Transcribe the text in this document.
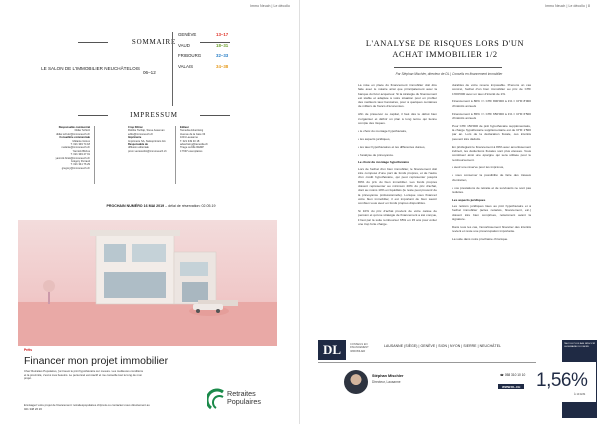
Immo Neuch | Le décollo
SOMMAIRE
LE SALON DE L'IMMOBILIER NEUCHÂTELOIS
06–12
GENÈVE	13–17
VAUD	18–31
FRIBOURG	32–33
VALAIS	34–38
IMPRESSUM
Responsable commercial
Didier Schütz
didier.schutz@immoneuch.ch
Conseillère commerciale
Mélanie Giroux
T. 021 349 74 18
melanie@immoneuch.ch
Yannick Bitzius
T. 021 349 47 01
yannick.birsk@immoneuch.ch
Grégory Perrault
T. 021 341 76 29
gregory@immoneuch.ch
Crop Rôtisé
Robbie Tschäp, Steve Asseman
edito@immoneuch.ch
Imprimerie
Imprimerie SA, Swissprinters AG
Responsable de
diffusion éditoriale
prom.ventesobin@immoneuch.ch
Editeur
Tamedia Advertising
Avenue de la Gare 33
1001 Lausanne
T. 021 349 40 18
advertising@tamedia.ch
Tirage certifié REMP
17'097 exemplaires
PROCHAIN NUMÉRO 16 MAI 2019 – délai de réservation: 02.05.19
Prêts
Financer mon projet immobilier
Chez Retraites Populaires, j'ai trouvé le prêt hypothécaire sur mesure. Les meilleures conditions et la proximité, c'est à mes besoins. Le personnel est réactif et me conseille tout le long de mon projet.
Envisagez votre projet de financement: retraitespopulaires.ch/prets ou contactez-nous directement au 021 348 26 26
Retraites
Populaires
Immo Neuch | Le décollo | 8
L'ANALYSE DE RISQUES LORS D'UN
ACHAT IMMOBILIER 1/2
Par Stéphan Mischler, directeur de DL | Conseils en financement immobilier

La mise en place du financement immobilier doit être faite avec le notaire ainsi que principalement avec la banque du futur acquéreur. Si la stratégie du financement est stable et adaptée à votre situation pour en profiter des meilleurs taux bancaires, pour à quelques centaines de milliers de francs d'économies.

Afin de préserver ce capital, il faut dès le début bien s'organiser et définir un plan à long terme qui tienne compte des risques.

• le choix du montage hypothécaire,

• les aspects juridiques,

• les taux hypothécaires et les différentes durées,

• l'analyse de prévoyance.

Le choix du montage hypothécaire

Lors de l'achat d'un bien immobilier, le financement doit être composé d'une part de fonds propres, et de l'autre d'un crédit hypothécaire, qui peut représenter jusqu'à 80% du prix du bien immobilier. Les fonds propres doivent représenter au minimum 20% du prix d'achat, dont au moins 10% en liquidités (le reste peut provenir de la prévoyance professionnelle). Lorsque vous financez votre bien immobilier, il est important de bien savoir combien vous avez en fonds propres disponibles.

Si 10% du prix d'achat provient de votre caisse de pension et qu'une stratégie de financement a été conçue, il faut par la suite rembourser 65% en 15 ans pour éviter une trop forte charge.

durables de votre revenu imposable. Prenons un cas concret, l'achat d'un bien immobilier au prix de CHF 1'000'000 avec un taux d'intérêt de 1%.

Financement à 80% => CHF 800'000 à 1% = CHF 8'000 d'intérêts annuels

Financement à 65% => CHF 650'000 à 1% = CHF 6'500 d'intérêts annuels

Pour CHF 150'000 de prêt hypothécaire supplémentaire, la charge hypothécaire supplémentaire est de CHF 1'500 par an. Lors de la déclaration fiscale, ces intérêts peuvent être déduits.

En privilégiant le financement à 80% avec amortissement indirect, les déductions fiscales sont plus élevées. Vous constituez ainsi une épargne qui sera utilisée pour le remboursement.

• avoir une réserve pour les imprévus,

• vous conserver la possibilité de faire des travaux d'entretien,

• vos prestations de retraite et de survivants ne sont pas réduites.

Les aspects juridiques

Les notions juridiques liées au prêt hypothécaire et à l'achat immobilier (actes notariés, financement, etc.) doivent être bien comprises, notamment avant la signature.

Dans tous les cas, l'amortissement financier des intérêts revient et reste une préoccupation importante.

La suite dans notre prochaine chronique.

DL	CONSEILS EN FINANCEMENT IMMOBILIER
LAUSANNE (SIÈGE) | GENÈVE | SION | NYON | SIERRE | NEUCHÂTEL
Stéphan Mischler
Directeur, Lausanne
☎ 058 310 10 10
WWW.DL.CH
TAUX LE PLUS BAS NÉGOCIÉ LA SEMAINE DU 8 AVRIL
1,56%
À 10 ANS
